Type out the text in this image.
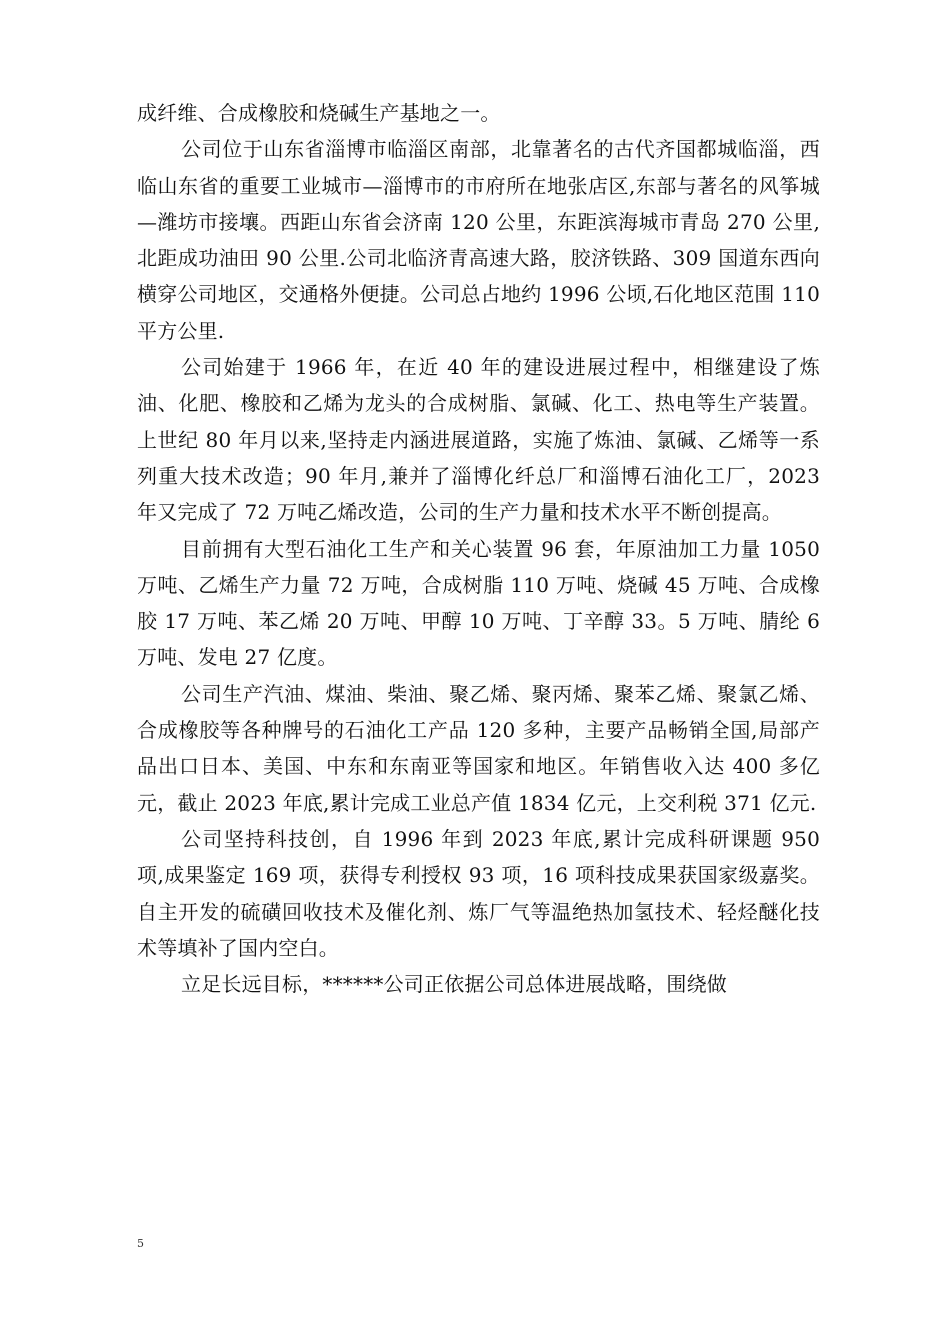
成纤维、合成橡胶和烧碱生产基地之一。

公司位于山东省淄博市临淄区南部，北靠著名的古代齐国都城临淄，西临山东省的重要工业城市—淄博市的市府所在地张店区,东部与著名的风筝城—潍坊市接壤。西距山东省会济南 120 公里，东距滨海城市青岛 270 公里,北距成功油田 90 公里.公司北临济青高速大路，胶济铁路、309 国道东西向横穿公司地区，交通格外便捷。公司总占地约 1996 公顷,石化地区范围 110 平方公里.

公司始建于 1966 年，在近 40 年的建设进展过程中，相继建设了炼油、化肥、橡胶和乙烯为龙头的合成树脂、氯碱、化工、热电等生产装置。上世纪 80 年月以来,坚持走内涵进展道路，实施了炼油、氯碱、乙烯等一系列重大技术改造；90 年月,兼并了淄博化纤总厂和淄博石油化工厂，2023 年又完成了 72 万吨乙烯改造，公司的生产力量和技术水平不断创提高。

目前拥有大型石油化工生产和关心装置 96 套，年原油加工力量 1050 万吨、乙烯生产力量 72 万吨，合成树脂 110 万吨、烧碱 45 万吨、合成橡胶 17 万吨、苯乙烯 20 万吨、甲醇 10 万吨、丁辛醇 33。5 万吨、腈纶 6 万吨、发电 27 亿度。

公司生产汽油、煤油、柴油、聚乙烯、聚丙烯、聚苯乙烯、聚氯乙烯、合成橡胶等各种牌号的石油化工产品 120 多种，主要产品畅销全国,局部产品出口日本、美国、中东和东南亚等国家和地区。年销售收入达 400 多亿元，截止 2023 年底,累计完成工业总产值 1834 亿元，上交利税 371 亿元.

公司坚持科技创，自 1996 年到 2023 年底,累计完成科研课题 950 项,成果鉴定 169 项，获得专利授权 93 项，16 项科技成果获国家级嘉奖。自主开发的硫磺回收技术及催化剂、炼厂气等温绝热加氢技术、轻烃醚化技术等填补了国内空白。

立足长远目标，******公司正依据公司总体进展战略，围绕做

5
